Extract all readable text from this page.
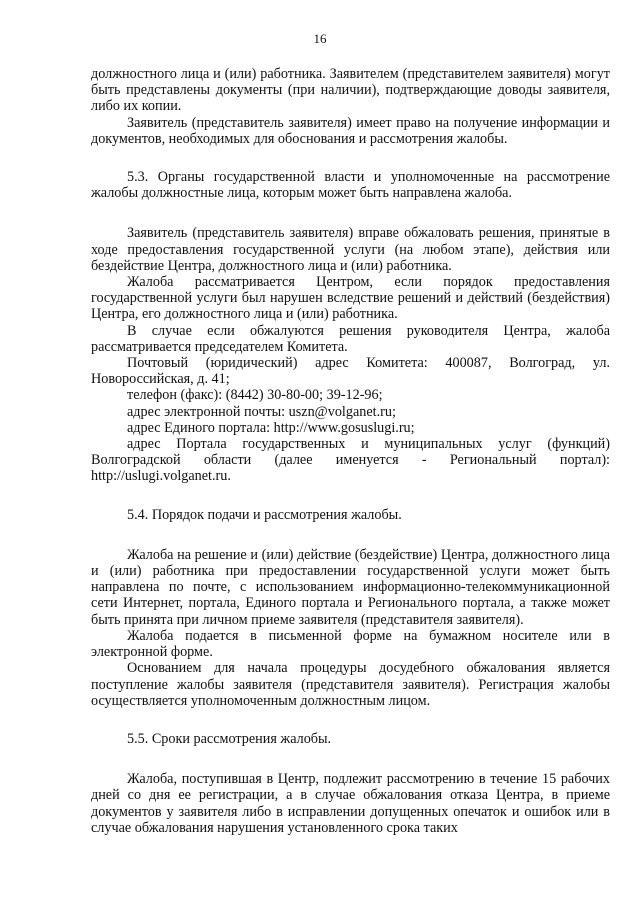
16

должностного лица и (или) работника. Заявителем (представителем заявителя) могут быть представлены документы (при наличии), подтверждающие доводы заявителя, либо их копии.

Заявитель (представитель заявителя) имеет право на получение информации и документов, необходимых для обоснования и рассмотрения жалобы.

5.3. Органы государственной власти и уполномоченные на рассмотрение жалобы должностные лица, которым может быть направлена жалоба.

Заявитель (представитель заявителя) вправе обжаловать решения, принятые в ходе предоставления государственной услуги (на любом этапе), действия или бездействие Центра, должностного лица и (или) работника.

Жалоба рассматривается Центром, если порядок предоставления государственной услуги был нарушен вследствие решений и действий (бездействия) Центра, его должностного лица и (или) работника.

В случае если обжалуются решения руководителя Центра, жалоба рассматривается председателем Комитета.

Почтовый (юридический) адрес Комитета: 400087, Волгоград, ул. Новороссийская, д. 41;

телефон (факс): (8442) 30-80-00; 39-12-96;

адрес электронной почты: uszn@volganet.ru;

адрес Единого портала: http://www.gosuslugi.ru;

адрес Портала государственных и муниципальных услуг (функций) Волгоградской области (далее именуется - Региональный портал): http://uslugi.volganet.ru.

5.4. Порядок подачи и рассмотрения жалобы.

Жалоба на решение и (или) действие (бездействие) Центра, должностного лица и (или) работника при предоставлении государственной услуги может быть направлена по почте, с использованием информационно-телекоммуникационной сети Интернет, портала, Единого портала и Регионального портала, а также может быть принята при личном приеме заявителя (представителя заявителя).

Жалоба подается в письменной форме на бумажном носителе или в электронной форме.

Основанием для начала процедуры досудебного обжалования является поступление жалобы заявителя (представителя заявителя). Регистрация жалобы осуществляется уполномоченным должностным лицом.

5.5. Сроки рассмотрения жалобы.

Жалоба, поступившая в Центр, подлежит рассмотрению в течение 15 рабочих дней со дня ее регистрации, а в случае обжалования отказа Центра, в приеме документов у заявителя либо в исправлении допущенных опечаток и ошибок или в случае обжалования нарушения установленного срока таких
